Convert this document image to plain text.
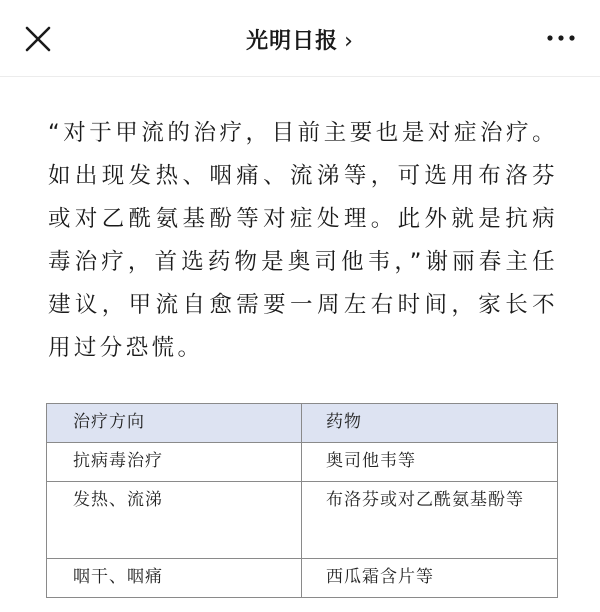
光明日报 ›
“对于甲流的治疗，目前主要也是对症治疗。如出现发热、咽痛、流涕等，可选用布洛芬或对乙酰氨基酚等对症处理。此外就是抗病毒治疗，首选药物是奥司他韦，”谢丽春主任建议，甲流自愈需要一周左右时间，家长不用过分恐慌。
治疗方向	药物
抗病毒治疗	奥司他韦等
发热、流涕	布洛芬或对乙酰氨基酚等
咽干、咽痛	西瓜霜含片等
